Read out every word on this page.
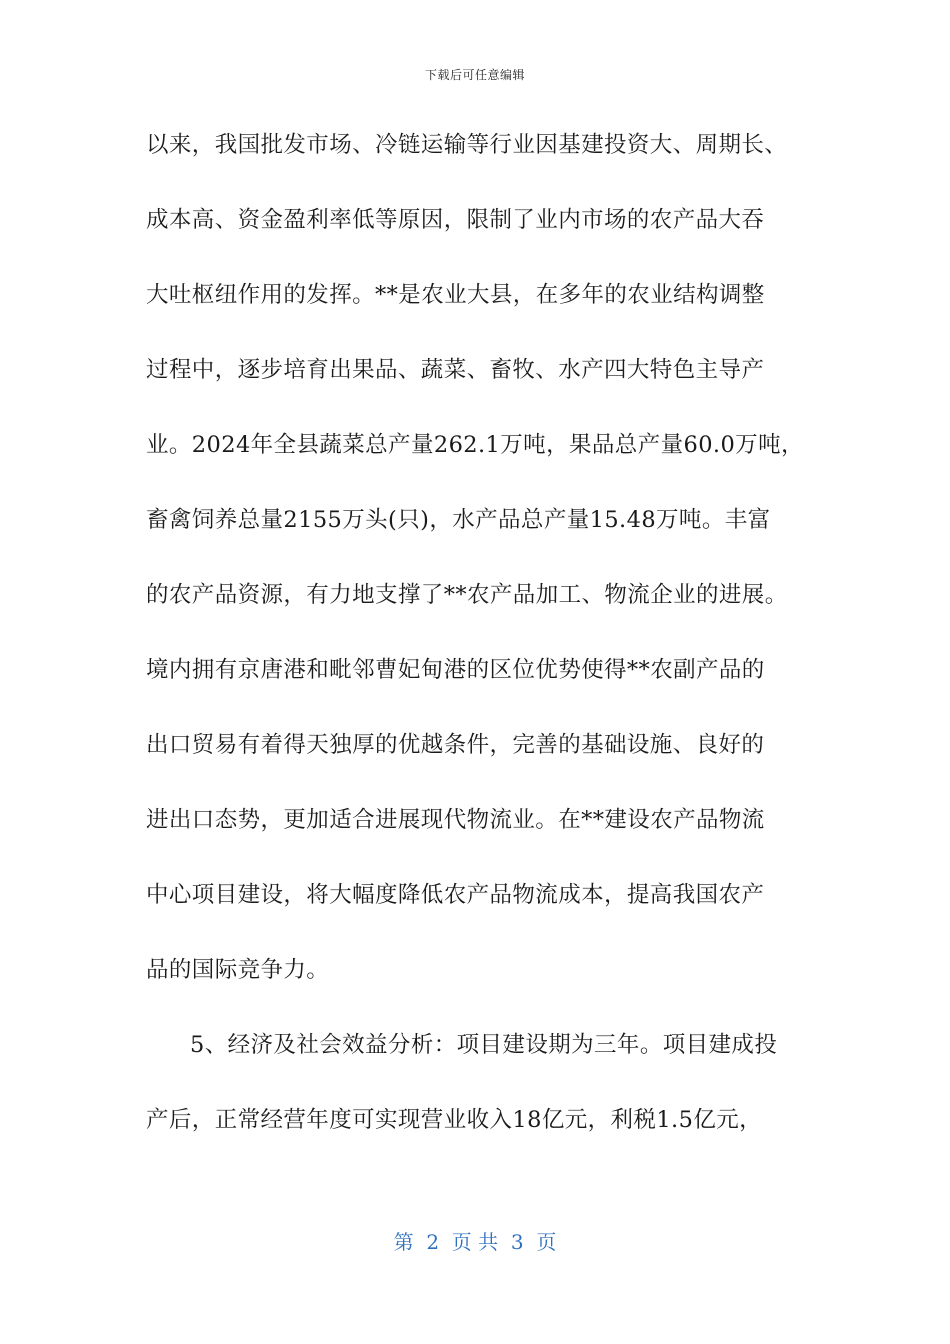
下载后可任意编辑
以来，我国批发市场、冷链运输等行业因基建投资大、周期长、
成本高、资金盈利率低等原因，限制了业内市场的农产品大吞
大吐枢纽作用的发挥。**是农业大县，在多年的农业结构调整
过程中，逐步培育出果品、蔬菜、畜牧、水产四大特色主导产
业。2024年全县蔬菜总产量262.1万吨，果品总产量60.0万吨，
畜禽饲养总量2155万头(只)，水产品总产量15.48万吨。丰富
的农产品资源，有力地支撑了**农产品加工、物流企业的进展。
境内拥有京唐港和毗邻曹妃甸港的区位优势使得**农副产品的
出口贸易有着得天独厚的优越条件，完善的基础设施、良好的
进出口态势，更加适合进展现代物流业。在**建设农产品物流
中心项目建设，将大幅度降低农产品物流成本，提高我国农产
品的国际竞争力。
5、经济及社会效益分析：项目建设期为三年。项目建成投
产后，正常经营年度可实现营业收入18亿元，利税1.5亿元，
第  2  页 共  3  页
